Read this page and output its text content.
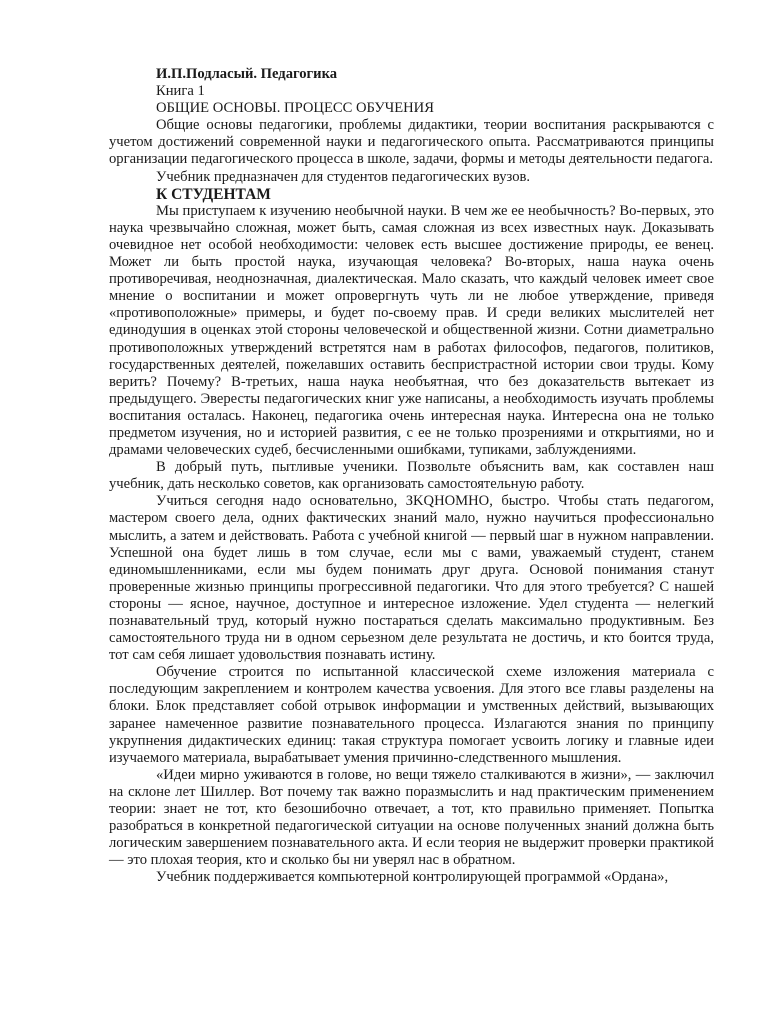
И.П.Подласый. Педагогика
Книга 1
ОБЩИЕ ОСНОВЫ. ПРОЦЕСС ОБУЧЕНИЯ

Общие основы педагогики, проблемы дидактики, теории воспитания раскрываются с учетом достижений современной науки и педагогического опыта. Рассматриваются принципы организации педагогического процесса в школе, задачи, формы и методы деятельности педагога.

Учебник предназначен для студентов педагогических вузов.

К СТУДЕНТАМ

Мы приступаем к изучению необычной науки. В чем же ее необычность? Во-первых, это наука чрезвычайно сложная, может быть, самая сложная из всех известных наук. Доказывать очевидное нет особой необходимости: человек есть высшее достижение природы, ее венец. Может ли быть простой наука, изучающая человека? Во-вторых, наша наука очень противоречивая, неоднозначная, диалектическая. Мало сказать, что каждый человек имеет свое мнение о воспитании и может опровергнуть чуть ли не любое утверждение, приведя «противоположные» примеры, и будет по-своему прав. И среди великих мыслителей нет единодушия в оценках этой стороны человеческой и общественной жизни. Сотни диаметрально противоположных утверждений встретятся нам в работах философов, педагогов, политиков, государственных деятелей, пожелавших оставить беспристрастной истории свои труды. Кому верить? Почему? В-третьих, наша наука необъятная, что без доказательств вытекает из предыдущего. Эвересты педагогических книг уже написаны, а необходимость изучать проблемы воспитания осталась. Наконец, педагогика очень интересная наука. Интересна она не только предметом изучения, но и историей развития, с ее не только прозрениями и открытиями, но и драмами человеческих судеб, бесчисленными ошибками, тупиками, заблуждениями.

В добрый путь, пытливые ученики. Позвольте объяснить вам, как составлен наш учебник, дать несколько советов, как организовать самостоятельную работу.

Учиться сегодня надо основательно, ЗKQHOMHO, быстро. Чтобы стать педагогом, мастером своего дела, одних фактических знаний мало, нужно научиться профессионально мыслить, а затем и действовать. Работа с учебной книгой — первый шаг в нужном направлении. Успешной она будет лишь в том случае, если мы с вами, уважаемый студент, станем единомышленниками, если мы будем понимать друг друга. Основой понимания станут проверенные жизнью принципы прогрессивной педагогики. Что для этого требуется? С нашей стороны — ясное, научное, доступное и интересное изложение. Удел студента — нелегкий познавательный труд, который нужно постараться сделать максимально продуктивным. Без самостоятельного труда ни в одном серьезном деле результата не достичь, и кто боится труда, тот сам себя лишает удовольствия познавать истину.

Обучение строится по испытанной классической схеме изложения материала с последующим закреплением и контролем качества усвоения. Для этого все главы разделены на блоки. Блок представляет собой отрывок информации и умственных действий, вызывающих заранее намеченное развитие познавательного процесса. Излагаются знания по принципу укрупнения дидактических единиц: такая структура помогает усвоить логику и главные идеи изучаемого материала, вырабатывает умения причинно-следственного мышления.

«Идеи мирно уживаются в голове, но вещи тяжело сталкиваются в жизни», — заключил на склоне лет Шиллер. Вот почему так важно поразмыслить и над практическим применением теории: знает не тот, кто безошибочно отвечает, а тот, кто правильно применяет. Попытка разобраться в конкретной педагогической ситуации на основе полученных знаний должна быть логическим завершением познавательного акта. И если теория не выдержит проверки практикой — это плохая теория, кто и сколько бы ни уверял нас в обратном.

Учебник поддерживается компьютерной контролирующей программой «Ордана»,
